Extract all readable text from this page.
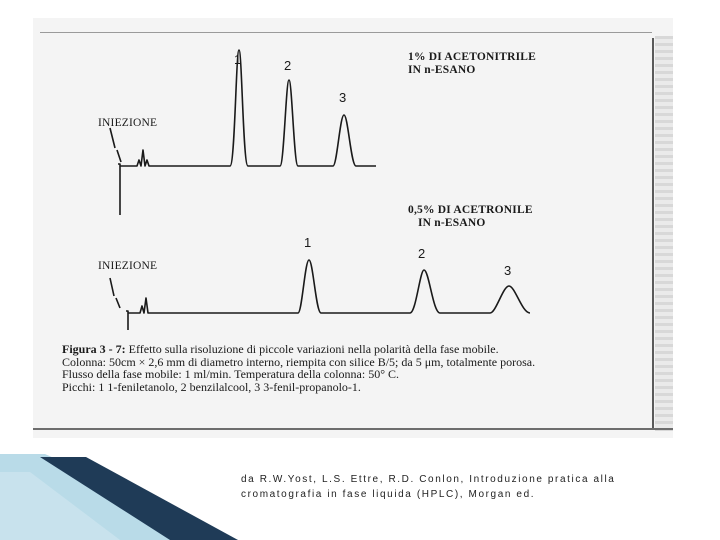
INIEZIONE
1	2
3
1% DI ACETONITRILE
IN n-ESANO
INIEZIONE
1
2
3
0,5% DI ACETRONILE
IN n-ESANO
Figura 3 - 7: Effetto sulla risoluzione di piccole variazioni nella polarità della fase mobile.
Colonna: 50cm × 2,6 mm di diametro interno, riempita con silice B/5; da 5 μm, totalmente porosa.
Flusso della fase mobile: 1 ml/min. Temperatura della colonna: 50° C.
Picchi: 1 1-feniletanolo, 2 benzilalcool, 3 3-fenil-propanolo-1.
da R.W.Yost, L.S. Ettre, R.D. Conlon, Introduzione pratica alla
cromatografia in fase liquida (HPLC), Morgan ed.
